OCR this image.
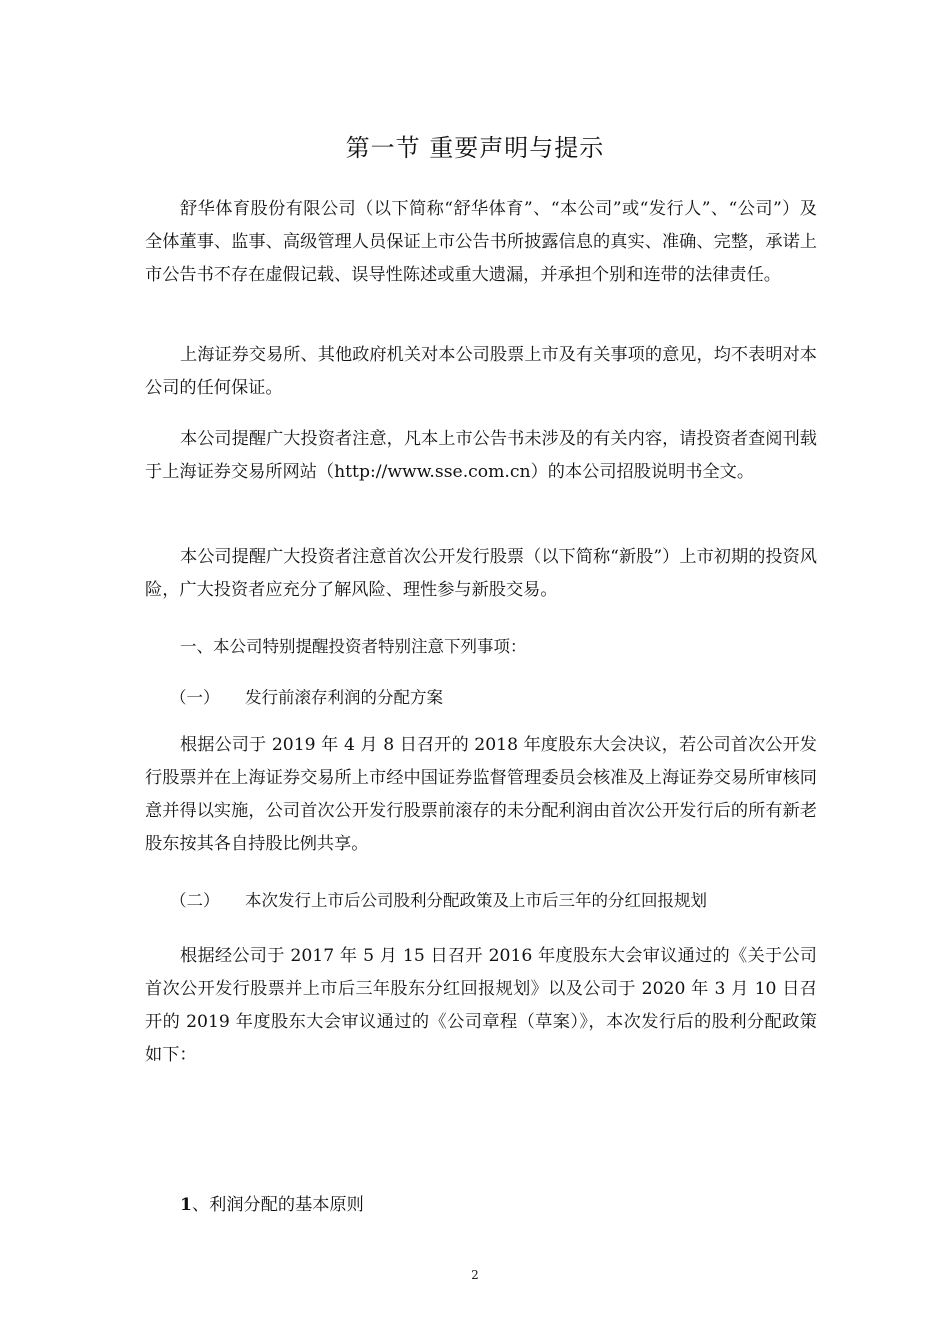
第一节 重要声明与提示

舒华体育股份有限公司（以下简称“舒华体育”、“本公司”或“发行人”、“公司”）及全体董事、监事、高级管理人员保证上市公告书所披露信息的真实、准确、完整，承诺上市公告书不存在虚假记载、误导性陈述或重大遗漏，并承担个别和连带的法律责任。

上海证券交易所、其他政府机关对本公司股票上市及有关事项的意见，均不表明对本公司的任何保证。

本公司提醒广大投资者注意，凡本上市公告书未涉及的有关内容，请投资者查阅刊载于上海证券交易所网站（http://www.sse.com.cn）的本公司招股说明书全文。

本公司提醒广大投资者注意首次公开发行股票（以下简称“新股”）上市初期的投资风险，广大投资者应充分了解风险、理性参与新股交易。

一、本公司特别提醒投资者特别注意下列事项：
（一） 发行前滚存利润的分配方案

根据公司于 2019 年 4 月 8 日召开的 2018 年度股东大会决议，若公司首次公开发行股票并在上海证券交易所上市经中国证券监督管理委员会核准及上海证券交易所审核同意并得以实施，公司首次公开发行股票前滚存的未分配利润由首次公开发行后的所有新老股东按其各自持股比例共享。

（二） 本次发行上市后公司股利分配政策及上市后三年的分红回报规划

根据经公司于 2017 年 5 月 15 日召开 2016 年度股东大会审议通过的《关于公司首次公开发行股票并上市后三年股东分红回报规划》以及公司于 2020 年 3 月 10 日召开的 2019 年度股东大会审议通过的《公司章程（草案）》，本次发行后的股利分配政策如下：

1、利润分配的基本原则
2
